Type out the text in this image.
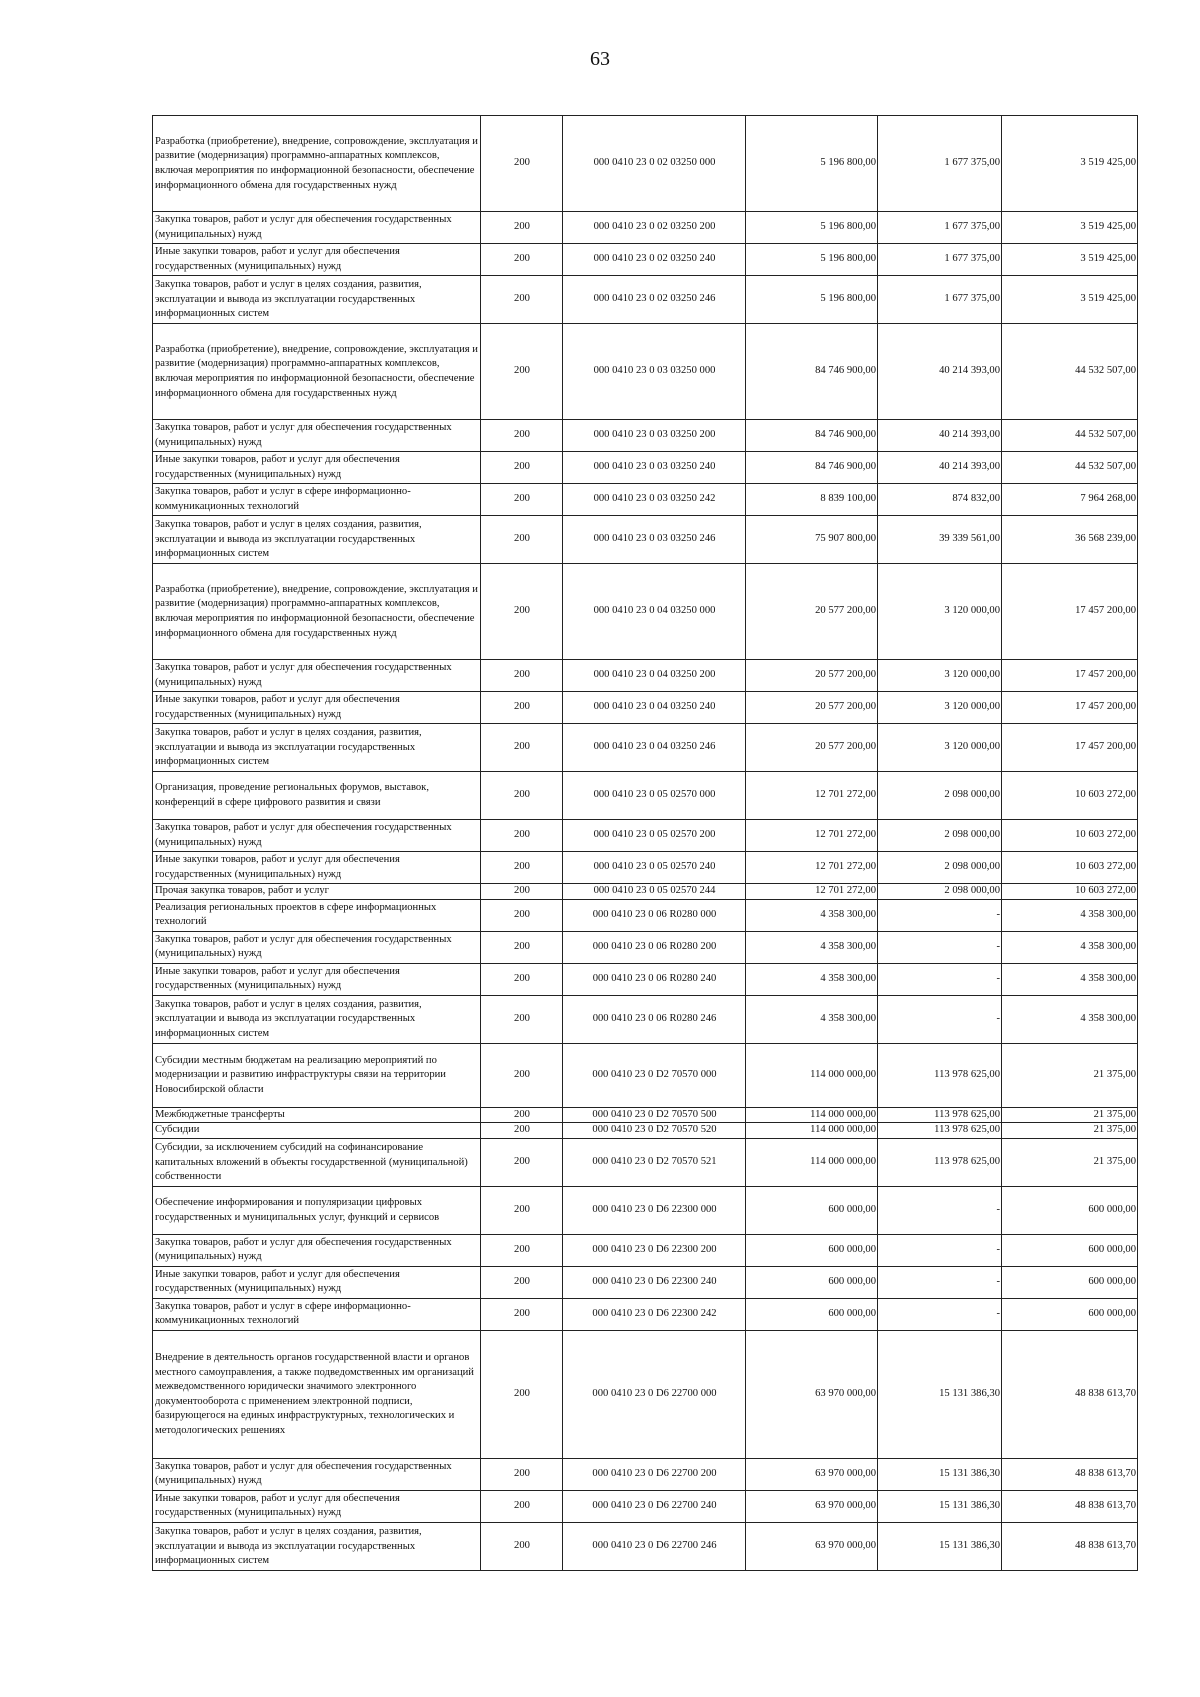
63
Разработка (приобретение), внедрение, сопровождение, эксплуатация и развитие (модернизация) программно-аппаратных комплексов, включая мероприятия по информационной безопасности, обеспечение информационного обмена для государственных нужд	200	000 0410 23 0 02 03250 000	5 196 800,00	1 677 375,00	3 519 425,00

Закупка товаров, работ и услуг для обеспечения государственных (муниципальных) нужд	200	000 0410 23 0 02 03250 200	5 196 800,00	1 677 375,00	3 519 425,00

Иные закупки товаров, работ и услуг для обеспечения государственных (муниципальных) нужд	200	000 0410 23 0 02 03250 240	5 196 800,00	1 677 375,00	3 519 425,00

Закупка товаров, работ и услуг в целях создания, развития, эксплуатации и вывода из эксплуатации государственных информационных систем	200	000 0410 23 0 02 03250 246	5 196 800,00	1 677 375,00	3 519 425,00

Разработка (приобретение), внедрение, сопровождение, эксплуатация и развитие (модернизация) программно-аппаратных комплексов, включая мероприятия по информационной безопасности, обеспечение информационного обмена для государственных нужд	200	000 0410 23 0 03 03250 000	84 746 900,00	40 214 393,00	44 532 507,00

Закупка товаров, работ и услуг для обеспечения государственных (муниципальных) нужд	200	000 0410 23 0 03 03250 200	84 746 900,00	40 214 393,00	44 532 507,00

Иные закупки товаров, работ и услуг для обеспечения государственных (муниципальных) нужд	200	000 0410 23 0 03 03250 240	84 746 900,00	40 214 393,00	44 532 507,00

Закупка товаров, работ и услуг в сфере информационно-коммуникационных технологий	200	000 0410 23 0 03 03250 242	8 839 100,00	874 832,00	7 964 268,00

Закупка товаров, работ и услуг в целях создания, развития, эксплуатации и вывода из эксплуатации государственных информационных систем	200	000 0410 23 0 03 03250 246	75 907 800,00	39 339 561,00	36 568 239,00

Разработка (приобретение), внедрение, сопровождение, эксплуатация и развитие (модернизация) программно-аппаратных комплексов, включая мероприятия по информационной безопасности, обеспечение информационного обмена для государственных нужд	200	000 0410 23 0 04 03250 000	20 577 200,00	3 120 000,00	17 457 200,00

Закупка товаров, работ и услуг для обеспечения государственных (муниципальных) нужд	200	000 0410 23 0 04 03250 200	20 577 200,00	3 120 000,00	17 457 200,00

Иные закупки товаров, работ и услуг для обеспечения государственных (муниципальных) нужд	200	000 0410 23 0 04 03250 240	20 577 200,00	3 120 000,00	17 457 200,00

Закупка товаров, работ и услуг в целях создания, развития, эксплуатации и вывода из эксплуатации государственных информационных систем	200	000 0410 23 0 04 03250 246	20 577 200,00	3 120 000,00	17 457 200,00

Организация, проведение региональных форумов, выставок, конференций в сфере цифрового развития и связи	200	000 0410 23 0 05 02570 000	12 701 272,00	2 098 000,00	10 603 272,00

Закупка товаров, работ и услуг для обеспечения государственных (муниципальных) нужд	200	000 0410 23 0 05 02570 200	12 701 272,00	2 098 000,00	10 603 272,00

Иные закупки товаров, работ и услуг для обеспечения государственных (муниципальных) нужд	200	000 0410 23 0 05 02570 240	12 701 272,00	2 098 000,00	10 603 272,00

Прочая закупка товаров, работ и услуг	200	000 0410 23 0 05 02570 244	12 701 272,00	2 098 000,00	10 603 272,00

Реализация региональных проектов в сфере информационных технологий	200	000 0410 23 0 06 R0280 000	4 358 300,00	-	4 358 300,00

Закупка товаров, работ и услуг для обеспечения государственных (муниципальных) нужд	200	000 0410 23 0 06 R0280 200	4 358 300,00	-	4 358 300,00

Иные закупки товаров, работ и услуг для обеспечения государственных (муниципальных) нужд	200	000 0410 23 0 06 R0280 240	4 358 300,00	-	4 358 300,00

Закупка товаров, работ и услуг в целях создания, развития, эксплуатации и вывода из эксплуатации государственных информационных систем	200	000 0410 23 0 06 R0280 246	4 358 300,00	-	4 358 300,00

Субсидии местным бюджетам на реализацию мероприятий по модернизации и развитию инфраструктуры связи на территории Новосибирской области	200	000 0410 23 0 D2 70570 000	114 000 000,00	113 978 625,00	21 375,00

Межбюджетные трансферты	200	000 0410 23 0 D2 70570 500	114 000 000,00	113 978 625,00	21 375,00

Субсидии	200	000 0410 23 0 D2 70570 520	114 000 000,00	113 978 625,00	21 375,00

Субсидии, за исключением субсидий на софинансирование капитальных вложений в объекты государственной (муниципальной) собственности	200	000 0410 23 0 D2 70570 521	114 000 000,00	113 978 625,00	21 375,00

Обеспечение информирования и популяризации цифровых государственных и муниципальных услуг, функций и сервисов	200	000 0410 23 0 D6 22300 000	600 000,00	-	600 000,00

Закупка товаров, работ и услуг для обеспечения государственных (муниципальных) нужд	200	000 0410 23 0 D6 22300 200	600 000,00	-	600 000,00

Иные закупки товаров, работ и услуг для обеспечения государственных (муниципальных) нужд	200	000 0410 23 0 D6 22300 240	600 000,00	-	600 000,00

Закупка товаров, работ и услуг в сфере информационно-коммуникационных технологий	200	000 0410 23 0 D6 22300 242	600 000,00	-	600 000,00

Внедрение в деятельность органов государственной власти и органов местного самоуправления, а также подведомственных им организаций межведомственного юридически значимого электронного документооборота с применением электронной подписи, базирующегося на единых инфраструктурных, технологических и методологических решениях	200	000 0410 23 0 D6 22700 000	63 970 000,00	15 131 386,30	48 838 613,70

Закупка товаров, работ и услуг для обеспечения государственных (муниципальных) нужд	200	000 0410 23 0 D6 22700 200	63 970 000,00	15 131 386,30	48 838 613,70

Иные закупки товаров, работ и услуг для обеспечения государственных (муниципальных) нужд	200	000 0410 23 0 D6 22700 240	63 970 000,00	15 131 386,30	48 838 613,70

Закупка товаров, работ и услуг в целях создания, развития, эксплуатации и вывода из эксплуатации государственных информационных систем	200	000 0410 23 0 D6 22700 246	63 970 000,00	15 131 386,30	48 838 613,70
